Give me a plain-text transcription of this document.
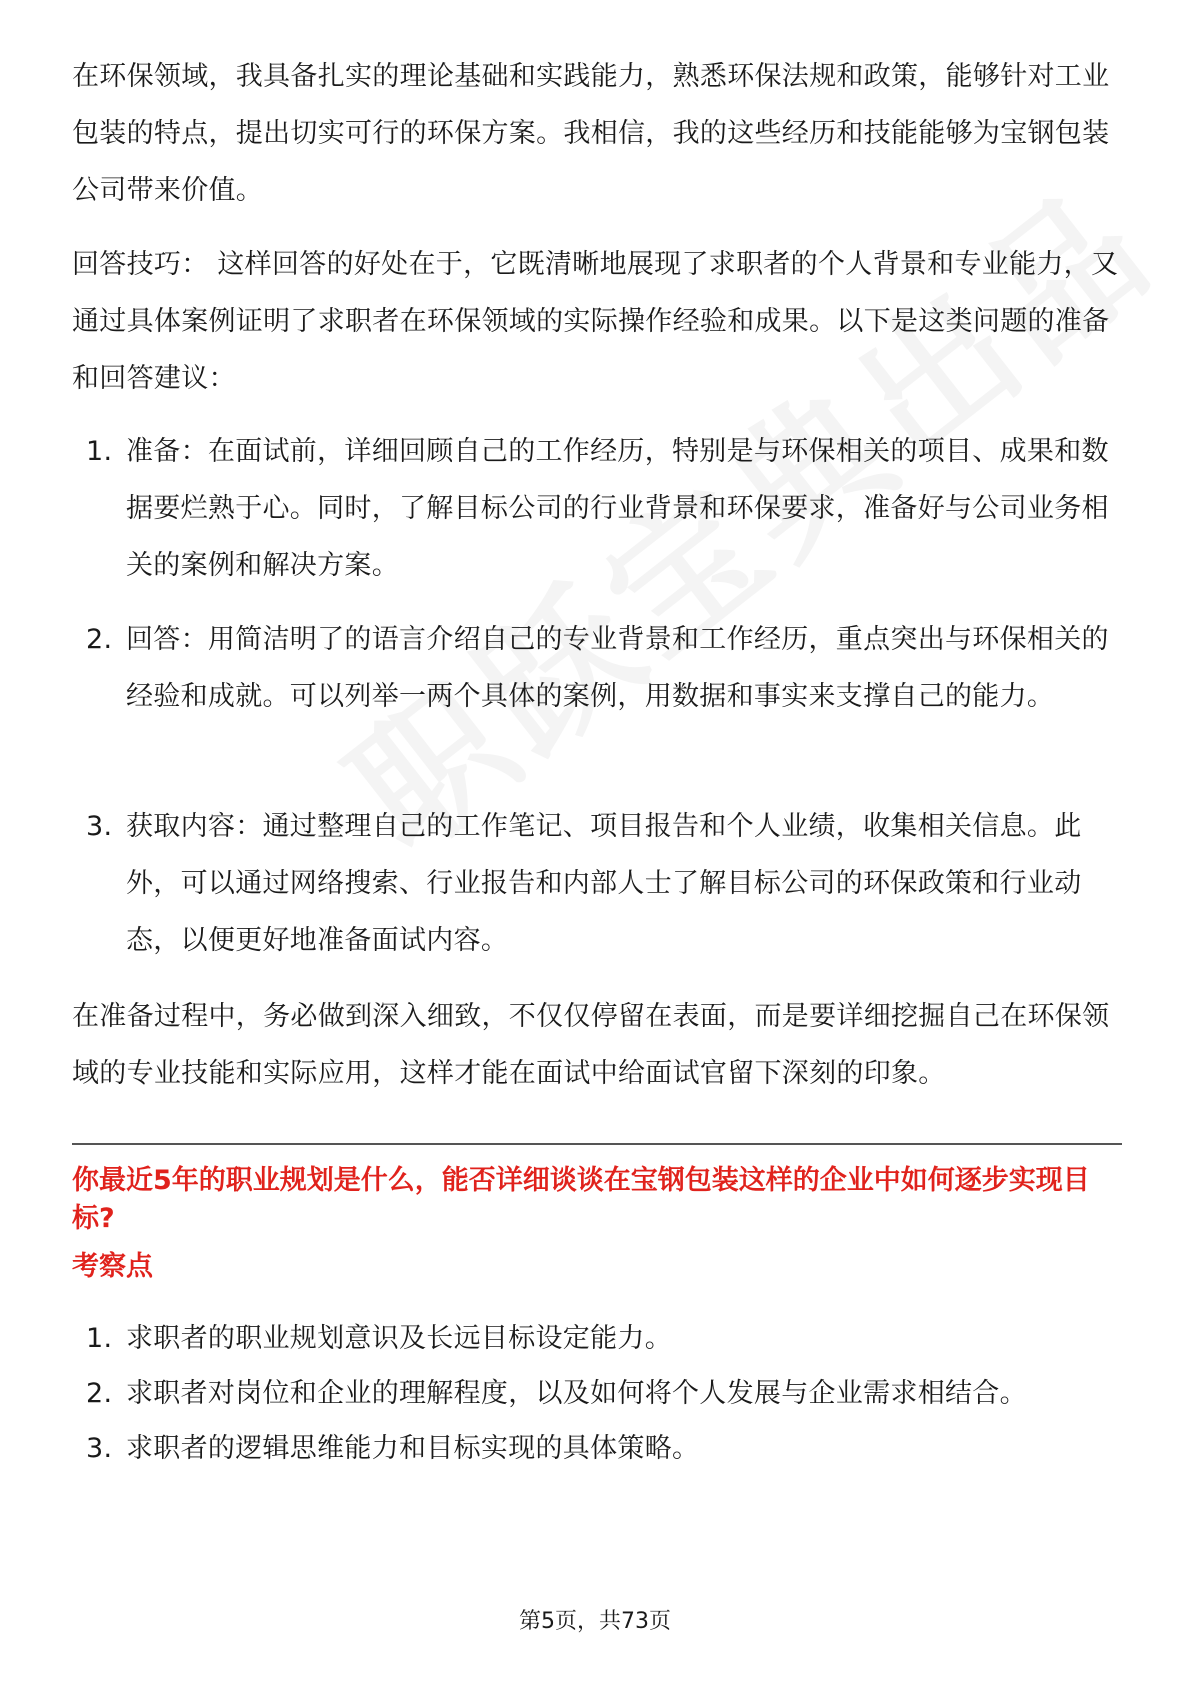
在环保领域，我具备扎实的理论基础和实践能力，熟悉环保法规和政策，能够针对工业包装的特点，提出切实可行的环保方案。我相信，我的这些经历和技能能够为宝钢包装公司带来价值。

回答技巧： 这样回答的好处在于，它既清晰地展现了求职者的个人背景和专业能力，又通过具体案例证明了求职者在环保领域的实际操作经验和成果。以下是这类问题的准备和回答建议：

1. 准备：在面试前，详细回顾自己的工作经历，特别是与环保相关的项目、成果和数据要烂熟于心。同时，了解目标公司的行业背景和环保要求，准备好与公司业务相关的案例和解决方案。
2. 回答：用简洁明了的语言介绍自己的专业背景和工作经历，重点突出与环保相关的经验和成就。可以列举一两个具体的案例，用数据和事实来支撑自己的能力。
3. 获取内容：通过整理自己的工作笔记、项目报告和个人业绩，收集相关信息。此外，可以通过网络搜索、行业报告和内部人士了解目标公司的环保政策和行业动态，以便更好地准备面试内容。

在准备过程中，务必做到深入细致，不仅仅停留在表面，而是要详细挖掘自己在环保领域的专业技能和实际应用，这样才能在面试中给面试官留下深刻的印象。

你最近5年的职业规划是什么，能否详细谈谈在宝钢包装这样的企业中如何逐步实现目标?
考察点
1. 求职者的职业规划意识及长远目标设定能力。
2. 求职者对岗位和企业的理解程度，以及如何将个人发展与企业需求相结合。
3. 求职者的逻辑思维能力和目标实现的具体策略。
第5页，共73页
